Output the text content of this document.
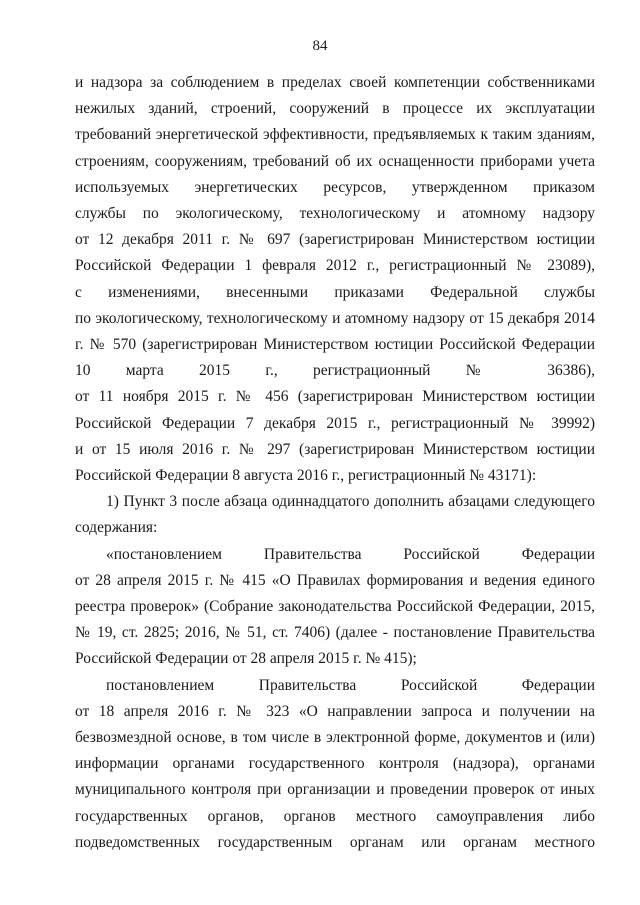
84
и надзора за соблюдением в пределах своей компетенции собственниками
нежилых зданий, строений, сооружений в процессе их эксплуатации
требований энергетической эффективности, предъявляемых к таким зданиям,
строениям, сооружениям, требований об их оснащенности приборами учета
используемых энергетических ресурсов, утвержденном приказом
службы по экологическому, технологическому и атомному надзору
от 12 декабря 2011 г. № 697 (зарегистрирован Министерством юстиции
Российской Федерации 1 февраля 2012 г., регистрационный № 23089),
с изменениями, внесенными приказами Федеральной службы
по экологическому, технологическому и атомному надзору от 15 декабря 2014
г. № 570 (зарегистрирован Министерством юстиции Российской Федерации
10 марта 2015 г., регистрационный № 36386),
от 11 ноября 2015 г. № 456 (зарегистрирован Министерством юстиции
Российской Федерации 7 декабря 2015 г., регистрационный № 39992)
и от 15 июля 2016 г. № 297 (зарегистрирован Министерством юстиции
Российской Федерации 8 августа 2016 г., регистрационный № 43171):
1) Пункт 3 после абзаца одиннадцатого дополнить абзацами следующего
содержания:
«постановлением Правительства Российской Федерации
от 28 апреля 2015 г. № 415 «О Правилах формирования и ведения единого
реестра проверок» (Собрание законодательства Российской Федерации, 2015,
№ 19, ст. 2825; 2016, № 51, ст. 7406) (далее - постановление Правительства
Российской Федерации от 28 апреля 2015 г. № 415);
постановлением Правительства Российской Федерации
от 18 апреля 2016 г. № 323 «О направлении запроса и получении на
безвозмездной основе, в том числе в электронной форме, документов и (или)
информации органами государственного контроля (надзора), органами
муниципального контроля при организации и проведении проверок от иных
государственных органов, органов местного самоуправления либо
подведомственных государственным органам или органам местного
